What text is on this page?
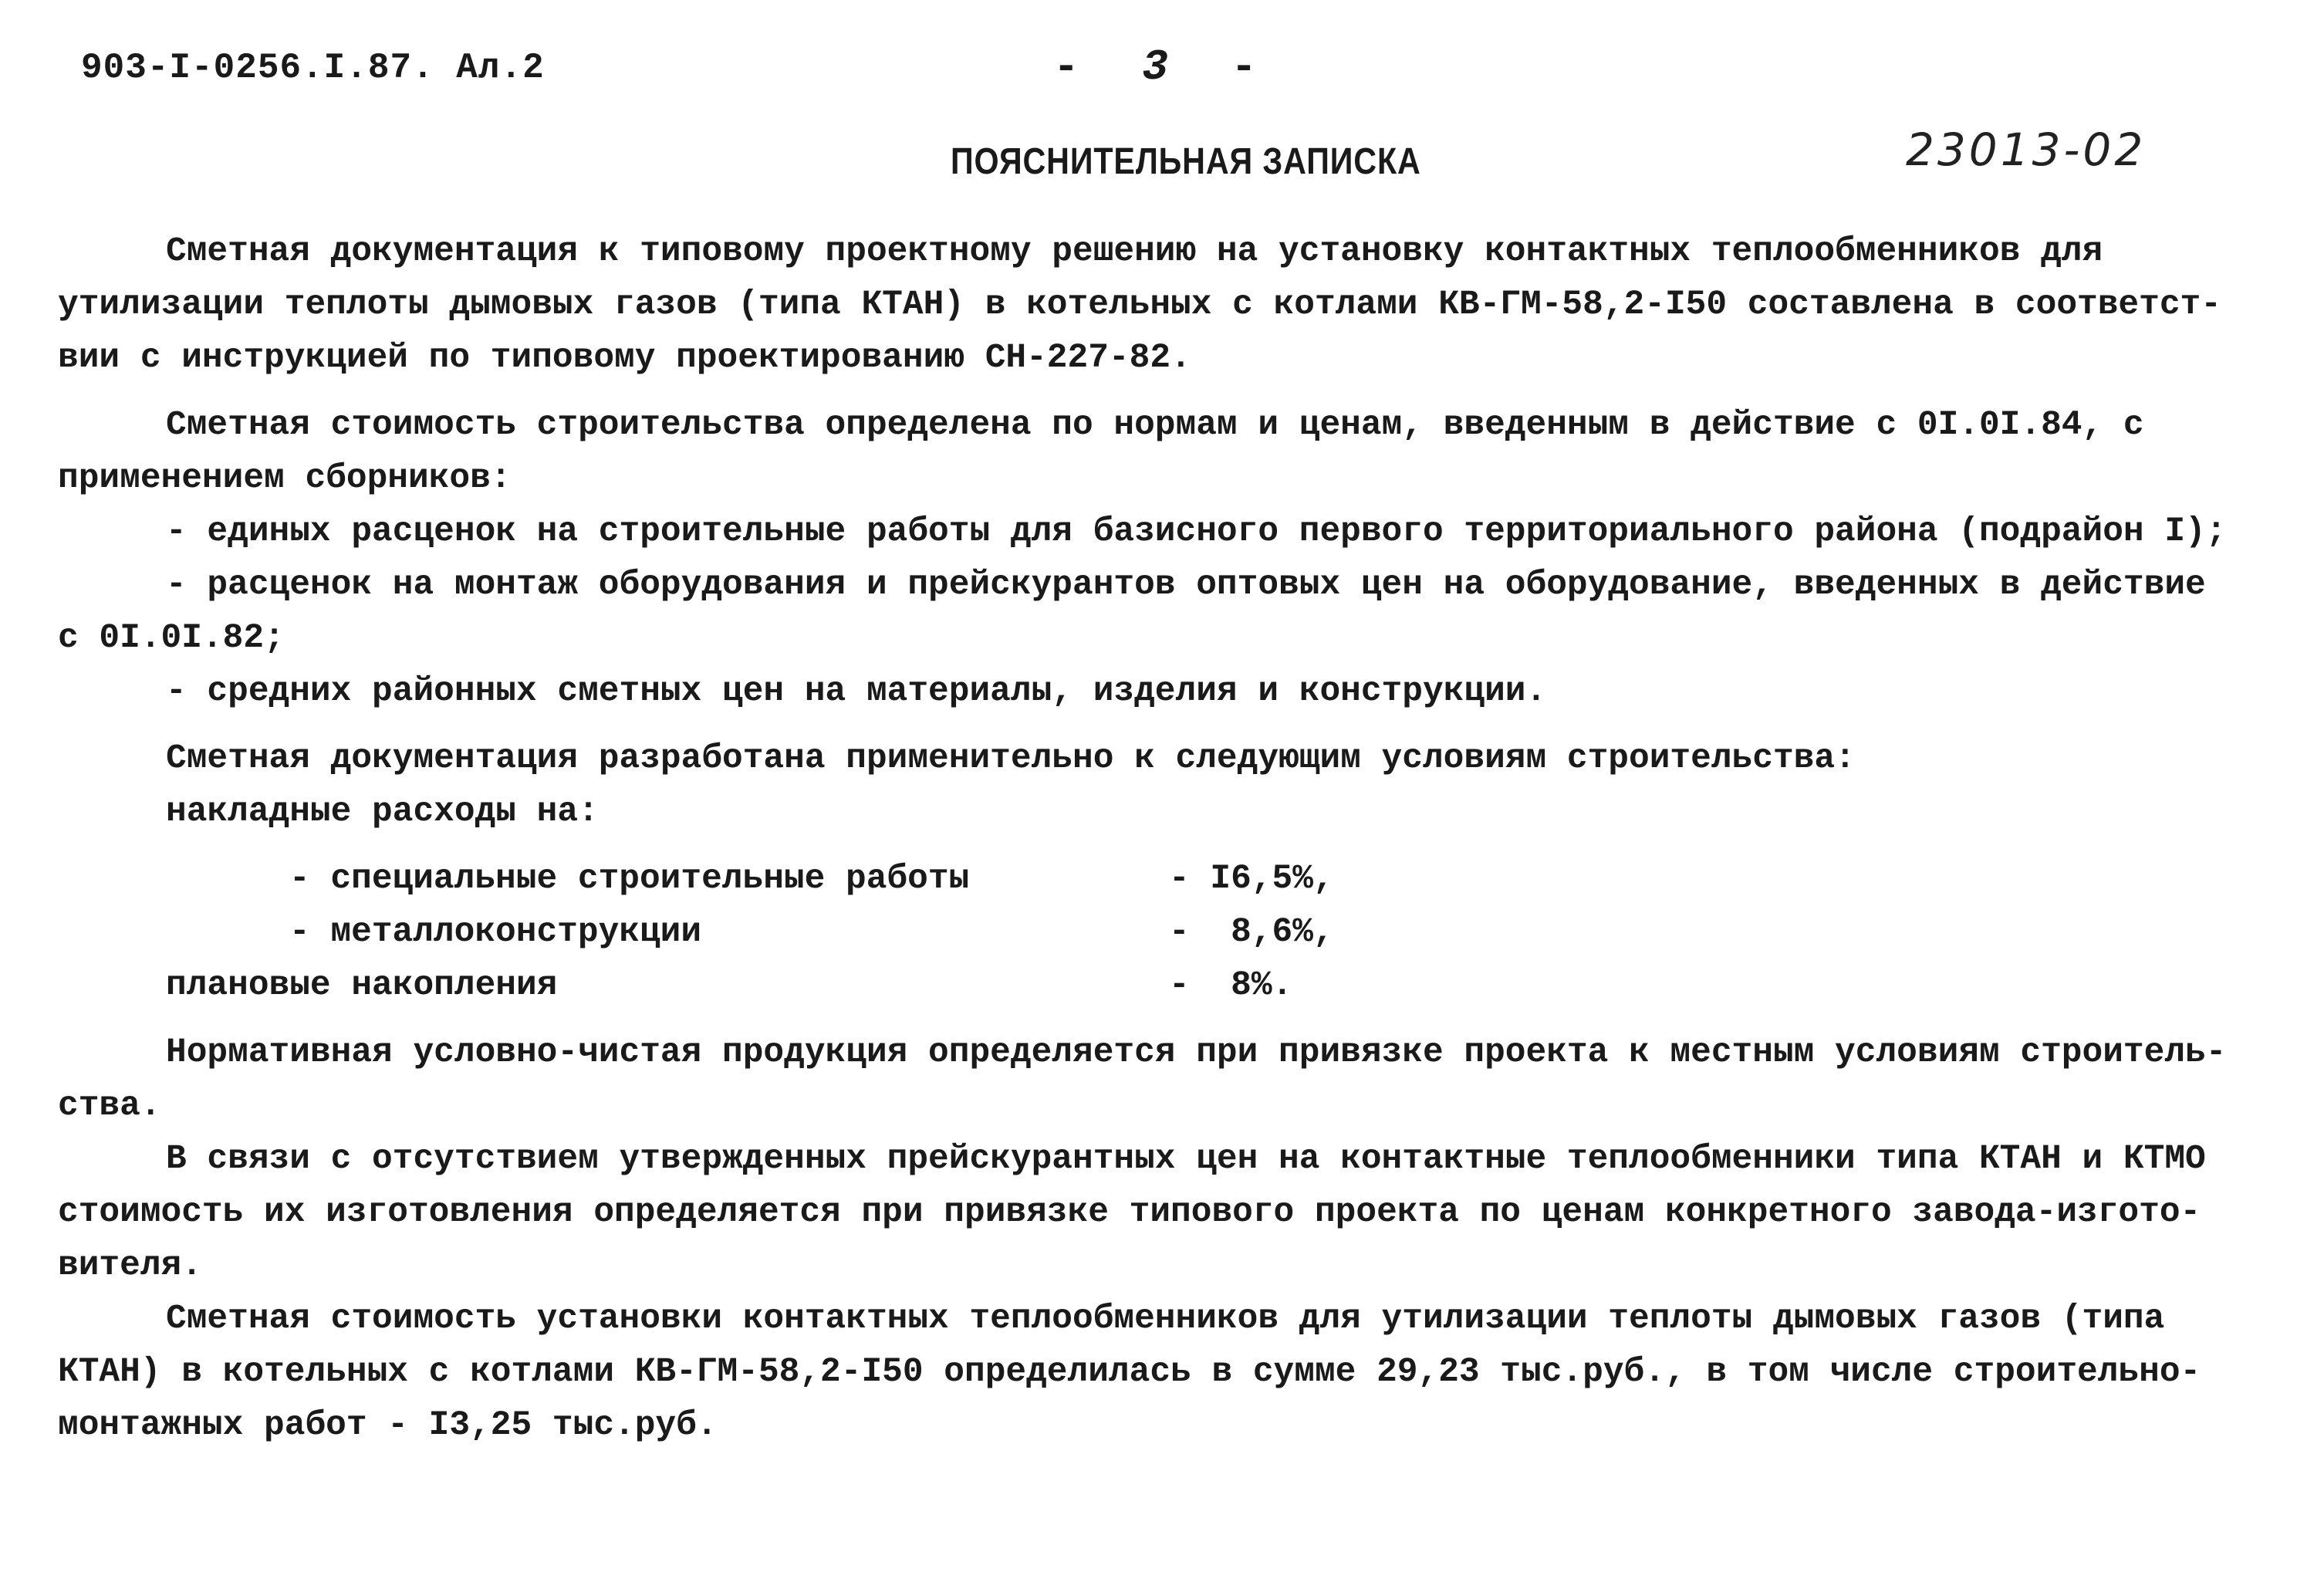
903-I-0256.I.87. Ал.2	- 3 -
23013-02
ПОЯСНИТЕЛЬНАЯ ЗАПИСКА
Сметная документация к типовому проектному решению на установку контактных теплообменников для
утилизации теплоты дымовых газов (типа КТАН) в котельных с котлами КВ-ГМ-58,2-I50 составлена в соответст-
вии с инструкцией по типовому проектированию СН-227-82.
Сметная стоимость строительства определена по нормам и ценам, введенным в действие с 0I.0I.84, с
применением сборников:
- единых расценок на строительные работы для базисного первого территориального района (подрайон I);
- расценок на монтаж оборудования и прейскурантов оптовых цен на оборудование, введенных в действие
с 0I.0I.82;
- средних районных сметных цен на материалы, изделия и конструкции.
Сметная документация разработана применительно к следующим условиям строительства:
накладные расходы на:
- специальные строительные работы	- I6,5%,
- металлоконструкции	-  8,6%,
плановые накопления	-  8%.
Нормативная условно-чистая продукция определяется при привязке проекта к местным условиям строитель-
ства.
В связи с отсутствием утвержденных прейскурантных цен на контактные теплообменники типа КТАН и КТМО
стоимость их изготовления определяется при привязке типового проекта по ценам конкретного завода-изгото-
вителя.
Сметная стоимость установки контактных теплообменников для утилизации теплоты дымовых газов (типа
КТАН) в котельных с котлами КВ-ГМ-58,2-I50 определилась в сумме 29,23 тыс.руб., в том числе строительно-
монтажных работ - I3,25 тыс.руб.
